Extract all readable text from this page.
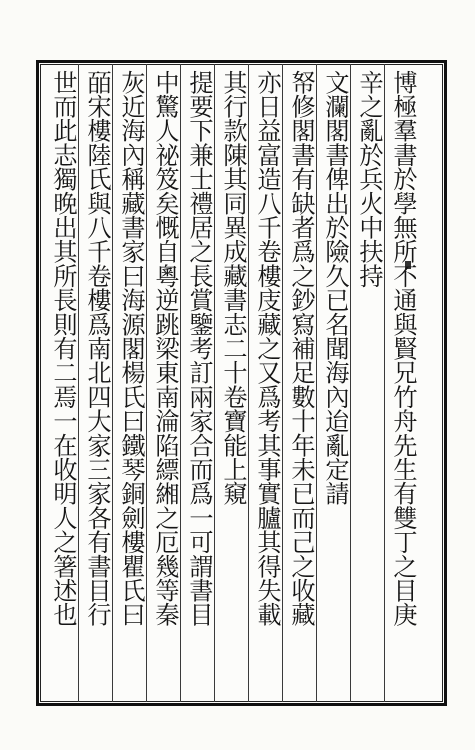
博極羣書於學無所不通與賢兄竹舟先生有雙丁之目庚
辛之亂於兵火中扶持
文瀾閣書俾出於險久已名聞海內迨亂定請
帑修閣書有缺者爲之鈔寫補足數十年未已而己之收藏
亦日益富造八千卷樓庋藏之又爲考其事實臚其得失載
其行款陳其同異成藏書志二十卷寶能上窺
提要下兼士禮居之長賞鑒考訂兩家合而爲一可謂書目
中驚人祕笈矣慨自粵逆跳梁東南淪陷縹緗之厄幾等秦
灰近海內稱藏書家曰海源閣楊氏曰鐵琴銅劍樓瞿氏曰
皕宋樓陸氏與八千卷樓爲南北四大家三家各有書目行
世而此志獨晚出其所長則有二焉一在收明人之箸述也
